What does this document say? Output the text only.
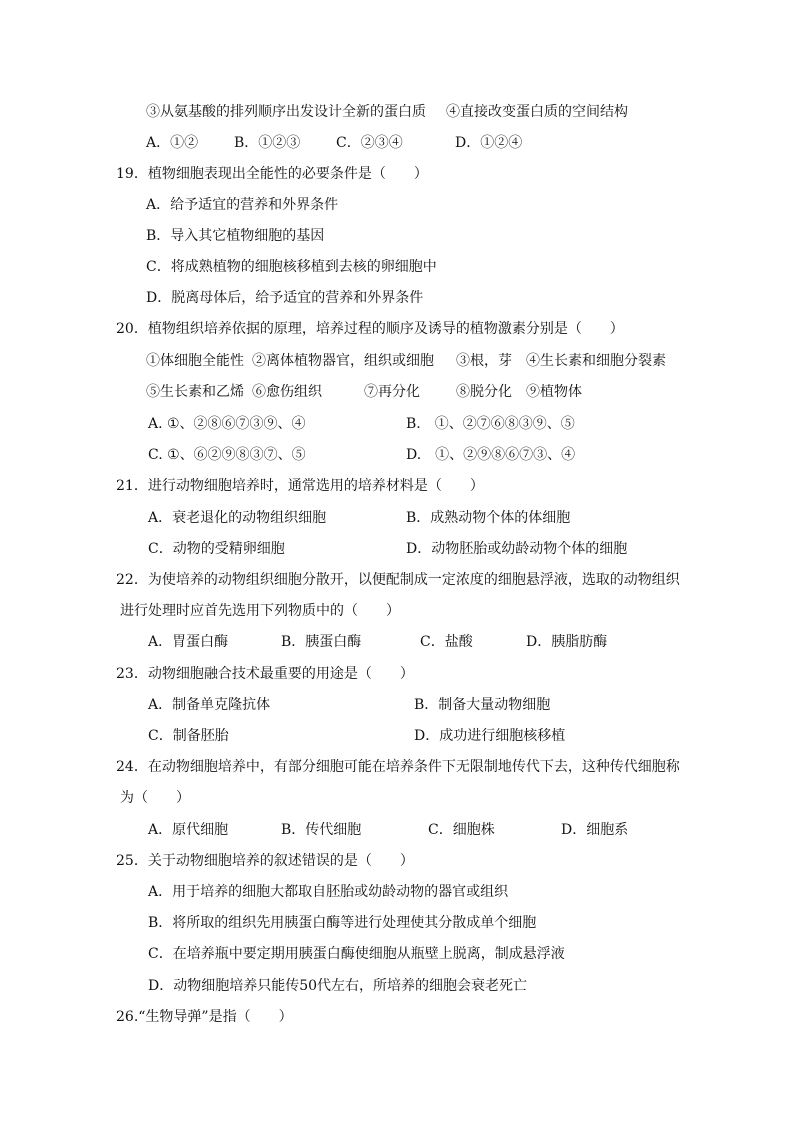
③从氨基酸的排列顺序出发设计全新的蛋白质 ④直接改变蛋白质的空间结构
A．①②	B．①②③	C．②③④	D．①②④
19．植物细胞表现出全能性的必要条件是（　　）
A．给予适宜的营养和外界条件
B．导入其它植物细胞的基因
C．将成熟植物的细胞核移植到去核的卵细胞中
D．脱离母体后，给予适宜的营养和外界条件
20．植物组织培养依据的原理，培养过程的顺序及诱导的植物激素分别是（　　）
①体细胞全能性 ②离体植物器官，组织或细胞 ③根，芽 ④生长素和细胞分裂素
⑤生长素和乙烯 ⑥愈伤组织	⑦再分化	⑧脱分化 ⑨植物体
A. ①、②⑧⑥⑦③⑨、④	B.　①、②⑦⑥⑧③⑨、⑤
C. ①、⑥②⑨⑧③⑦、⑤	D.　①、②⑨⑧⑥⑦③、④
21．进行动物细胞培养时，通常选用的培养材料是（　　）
A．衰老退化的动物组织细胞	B．成熟动物个体的体细胞
C．动物的受精卵细胞	D．动物胚胎或幼龄动物个体的细胞
22．为使培养的动物组织细胞分散开，以便配制成一定浓度的细胞悬浮液，选取的动物组织
进行处理时应首先选用下列物质中的（　　）
A．胃蛋白酶	B．胰蛋白酶	C．盐酸	D．胰脂肪酶
23．动物细胞融合技术最重要的用途是（　　）
A．制备单克隆抗体	B．制备大量动物细胞
C．制备胚胎	D．成功进行细胞核移植
24．在动物细胞培养中，有部分细胞可能在培养条件下无限制地传代下去，这种传代细胞称
为（　　）
A．原代细胞	B．传代细胞	C．细胞株	D．细胞系
25．关于动物细胞培养的叙述错误的是（　　）
A．用于培养的细胞大都取自胚胎或幼龄动物的器官或组织
B．将所取的组织先用胰蛋白酶等进行处理使其分散成单个细胞
C．在培养瓶中要定期用胰蛋白酶使细胞从瓶壁上脱离，制成悬浮液
D．动物细胞培养只能传50代左右，所培养的细胞会衰老死亡
26.“生物导弹”是指（　　）
